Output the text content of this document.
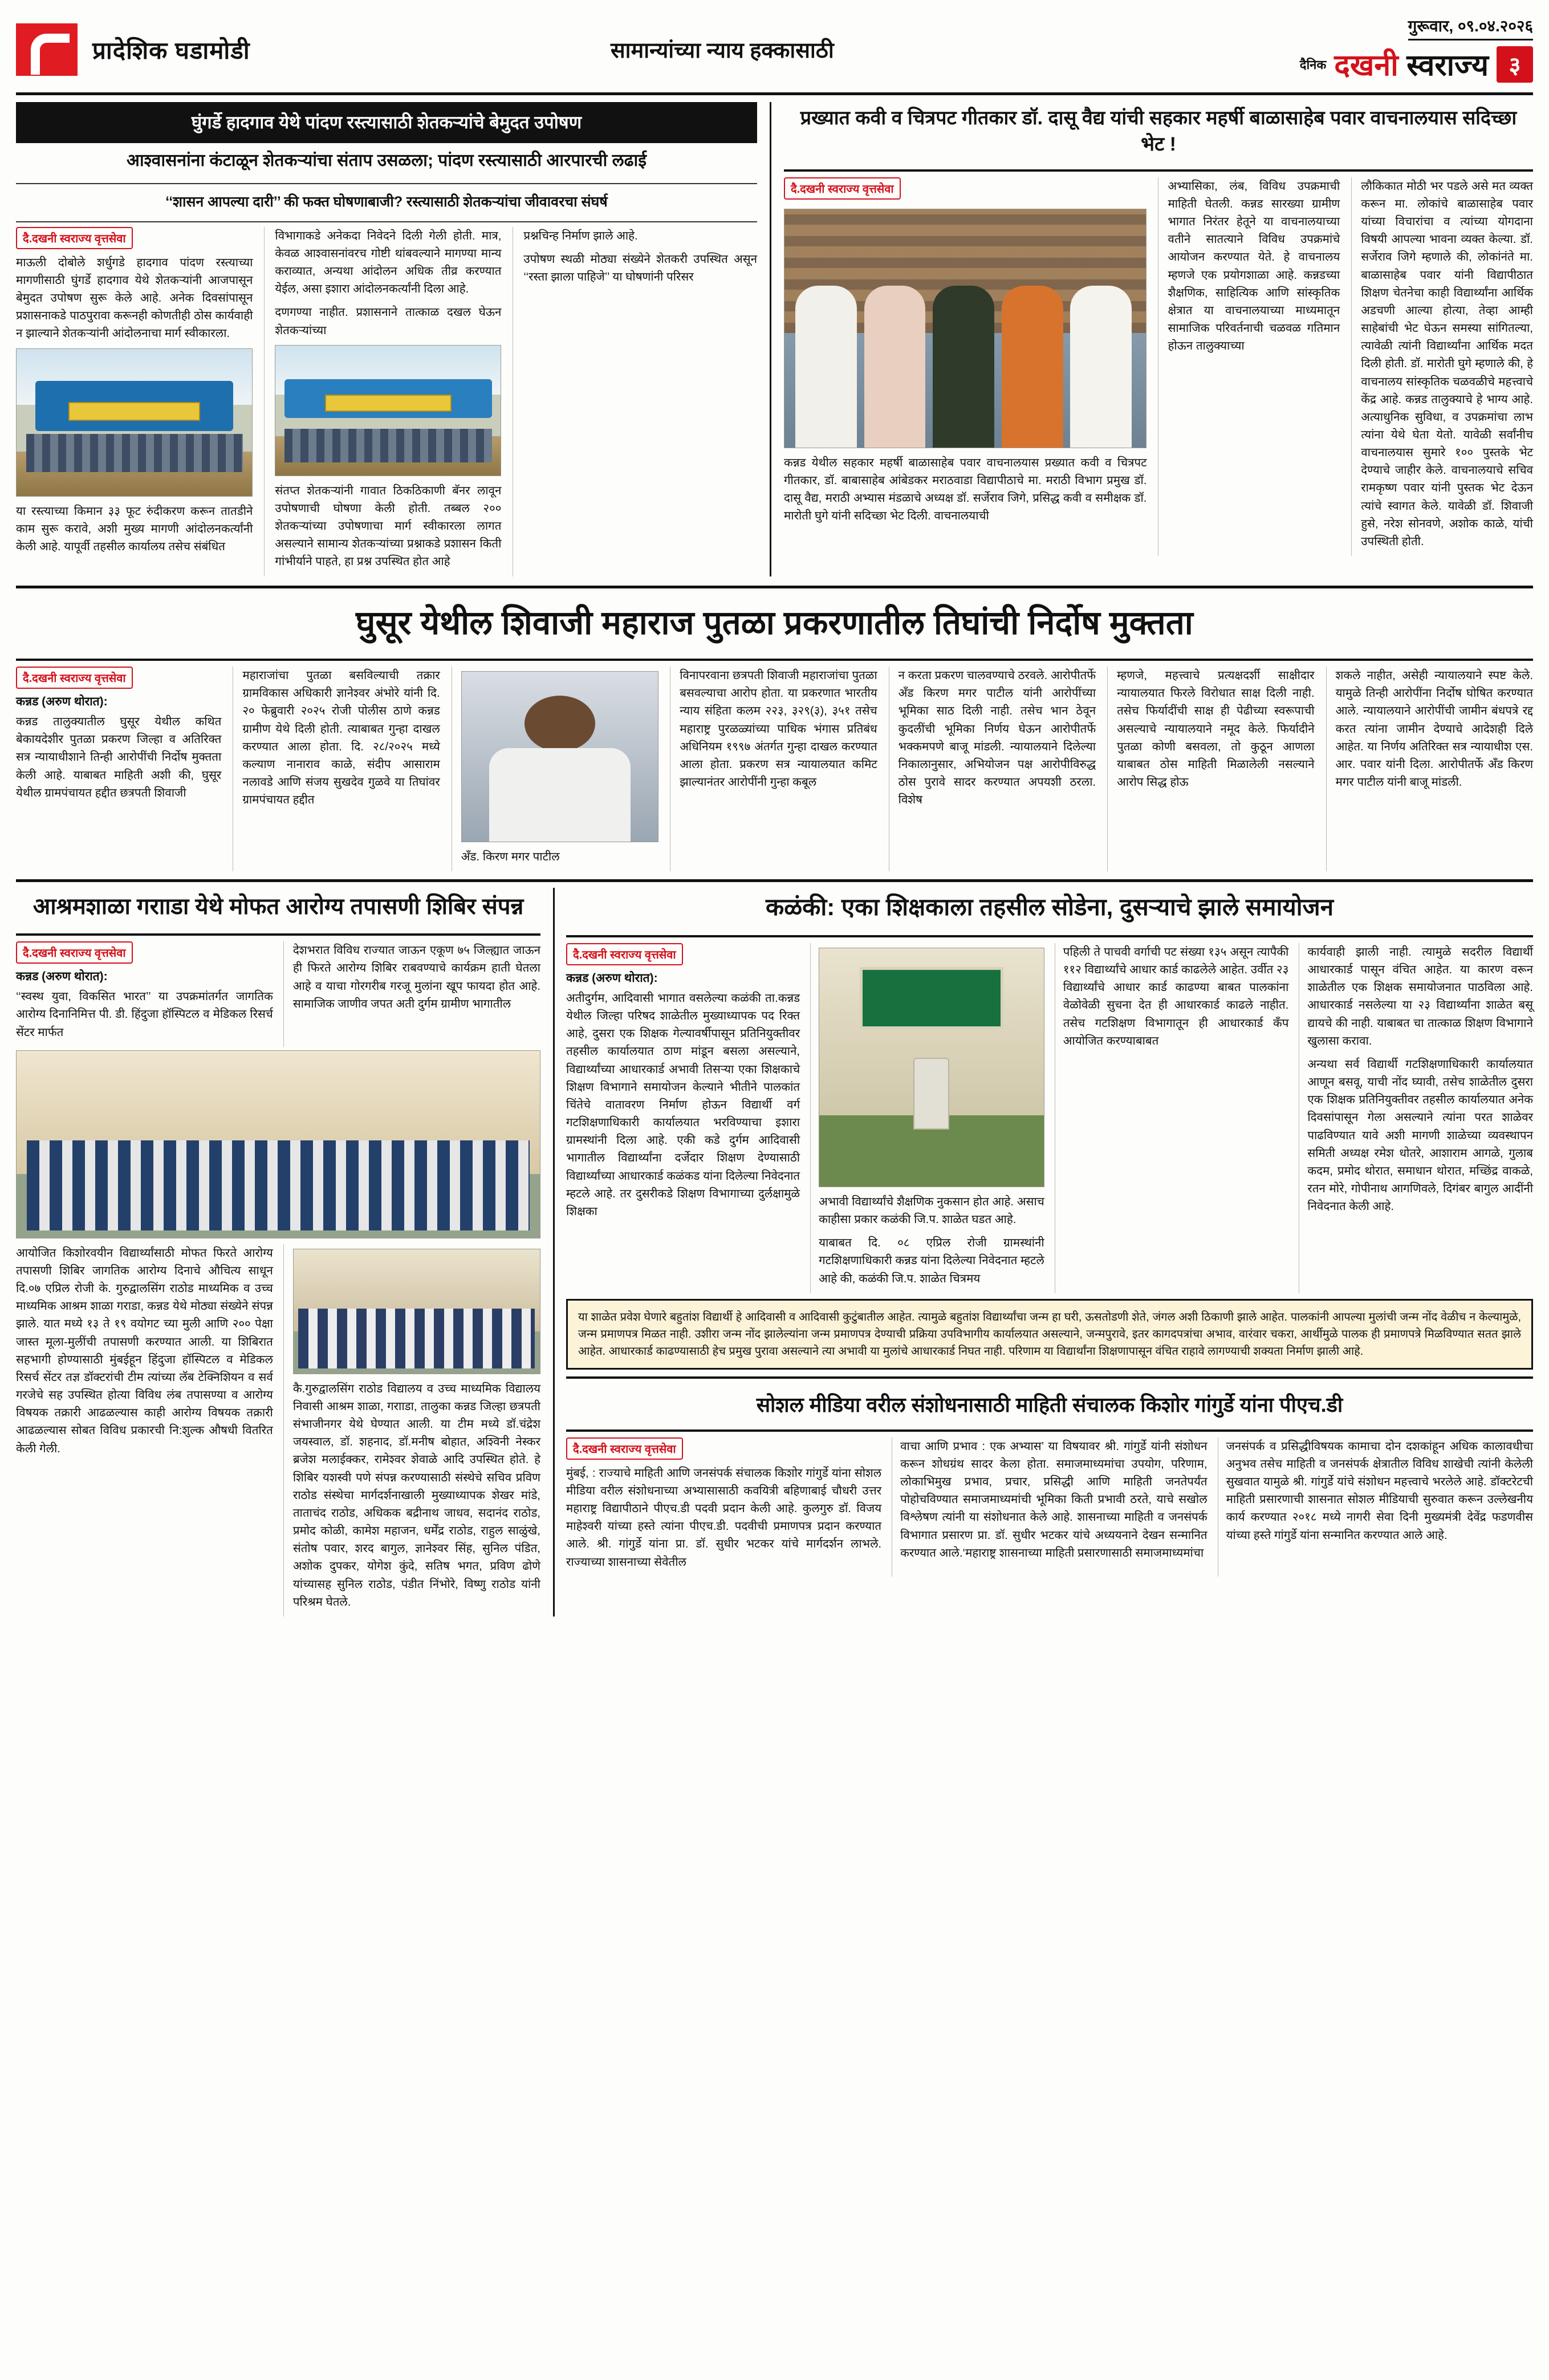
प्रादेशिक घडामोडी	सामान्यांच्या न्याय हक्कासाठी
गुरूवार, ०९.०४.२०२६
दैनिक दखनी स्वराज्य ३
घुंगर्डे हादगाव येथे पांदण रस्त्यासाठी शेतकऱ्यांचे बेमुदत उपोषण
आश्वासनांना कंटाळून शेतकऱ्यांचा संताप उसळला; पांदण रस्त्यासाठी आरपारची लढाई
‘‘शासन आपल्या दारी’’ की फक्त घोषणाबाजी? रस्त्यासाठी शेतकऱ्यांचा जीवावरचा संघर्ष
दै.दखनी स्वराज्य वृत्तसेवा

माऊली दोबोले शर्धुगडे हादगाव पांदण रस्त्याच्या मागणीसाठी घुंगर्डे हादगाव येथे शेतकऱ्यांनी आजपासून बेमुदत उपोषण सुरू केले आहे. अनेक दिवसांपासून प्रशासनाकडे पाठपुरावा करूनही कोणतीही ठोस कार्यवाही न झाल्याने शेतकऱ्यांनी आंदोलनाचा मार्ग स्वीकारला.

या रस्त्याच्या किमान ३३ फूट रुंदीकरण करून तातडीने काम सुरू करावे, अशी मुख्य मागणी आंदोलनकर्त्यांनी केली आहे. यापूर्वी तहसील कार्यालय तसेच संबंधित

विभागाकडे अनेकदा निवेदने दिली गेली होती. मात्र, केवळ आश्वासनांवरच गोष्टी थांबवल्याने मागण्या मान्य कराव्यात, अन्यथा आंदोलन अधिक तीव्र करण्यात येईल, असा इशारा आंदोलनकर्त्यांनी दिला आहे.

दणगण्या नाहीत. प्रशासनाने तात्काळ दखल घेऊन शेतकऱ्यांच्या

संतप्त शेतकऱ्यांनी गावात ठिकठिकाणी बॅनर लावून उपोषणाची घोषणा केली होती. तब्बल २०० शेतकऱ्यांच्या उपोषणाचा मार्ग स्वीकारला लागत असल्याने सामान्य शेतकऱ्यांच्या प्रश्नाकडे प्रशासन किती गांभीर्याने पाहते, हा प्रश्न उपस्थित होत आहे

प्रश्नचिन्ह निर्माण झाले आहे.

उपोषण स्थळी मोठ्या संख्येने शेतकरी उपस्थित असून ‘‘रस्ता झाला पाहिजे’’ या घोषणांनी परिसर

प्रख्यात कवी व चित्रपट गीतकार डॉ. दासू वैद्य यांची सहकार महर्षी बाळासाहेब पवार वाचनालयास सदिच्छा भेट !
दै.दखनी स्वराज्य वृत्तसेवा

कन्नड येथील सहकार महर्षी बाळासाहेब पवार वाचनालयास प्रख्यात कवी व चित्रपट गीतकार, डॉ. बाबासाहेब आंबेडकर मराठवाडा विद्यापीठाचे मा. मराठी विभाग प्रमुख डॉ. दासू वैद्य, मराठी अभ्यास मंडळाचे अध्यक्ष डॉ. सर्जेराव जिगे, प्रसिद्ध कवी व समीक्षक डॉ. मारोती घुगे यांनी सदिच्छा भेट दिली. वाचनालयाची

अभ्यासिका, लंब, विविध उपक्रमाची माहिती घेतली. कन्नड सारख्या ग्रामीण भागात निरंतर हेतूने या वाचनालयाच्या वतीने सातत्याने विविध उपक्रमांचे आयोजन करण्यात येते. हे वाचनालय म्हणजे एक प्रयोगशाळा आहे. कन्नडच्या शैक्षणिक, साहित्यिक आणि सांस्कृतिक क्षेत्रात या वाचनालयाच्या माध्यमातून सामाजिक परिवर्तनाची चळवळ गतिमान होऊन तालुक्याच्या

लौकिकात मोठी भर पडले असे मत व्यक्त करून मा. लोकांचे बाळासाहेब पवार यांच्या विचारांचा व त्यांच्या योगदाना विषयी आपल्या भावना व्यक्त केल्या. डॉ. सर्जेराव जिगे म्हणाले की, लोकांनंते मा. बाळासाहेब पवार यांनी विद्यापीठात शिक्षण चेतनेचा काही विद्यार्थ्यांना आर्थिक अडचणी आल्या होत्या, तेव्हा आम्ही साहेबांची भेट घेऊन समस्या सांगितल्या, त्यावेळी त्यांनी विद्यार्थ्यांना आर्थिक मदत दिली होती. डॉ. मारोती घुगे म्हणाले की, हे वाचनालय सांस्कृतिक चळवळीचे महत्त्वाचे केंद्र आहे. कन्नड तालुक्याचे हे भाग्य आहे. अत्याधुनिक सुविधा, व उपक्रमांचा लाभ त्यांना येथे घेता येतो. यावेळी सर्वांनीच वाचनालयास सुमारे १०० पुस्तके भेट देण्याचे जाहीर केले. वाचनालयाचे सचिव रामकृष्ण पवार यांनी पुस्तक भेट देऊन त्यांचे स्वागत केले. यावेळी डॉ. शिवाजी हुसे, नरेश सोनवणे, अशोक काळे, यांची उपस्थिती होती.

घुसूर येथील शिवाजी महाराज पुतळा प्रकरणातील तिघांची निर्दोष मुक्तता
दै.दखनी स्वराज्य वृत्तसेवा
कन्नड (अरुण थोरात):

कन्नड तालुक्यातील घुसूर येथील कथित बेकायदेशीर पुतळा प्रकरण जिल्हा व अतिरिक्त सत्र न्यायाधीशाने तिन्ही आरोपींची निर्दोष मुक्तता केली आहे. याबाबत माहिती अशी की, घुसूर येथील ग्रामपंचायत हद्दीत छत्रपती शिवाजी

महाराजांचा पुतळा बसविल्याची तक्रार ग्रामविकास अधिकारी ज्ञानेश्वर अंभोरे यांनी दि. २० फेब्रुवारी २०२५ रोजी पोलीस ठाणे कन्नड ग्रामीण येथे दिली होती. त्याबाबत गुन्हा दाखल करण्यात आला होता. दि. २८/२०२५ मध्ये कल्याण नानाराव काळे, संदीप आसाराम नलावडे आणि संजय सुखदेव गुळवे या तिघांवर ग्रामपंचायत हद्दीत

अँड. किरण मगर पाटील

विनापरवाना छत्रपती शिवाजी महाराजांचा पुतळा बसवल्याचा आरोप होता. या प्रकरणात भारतीय न्याय संहिता कलम २२३, ३२९(३), ३५१ तसेच महाराष्ट्र पुरळळ्यांच्या पाधिक भंगास प्रतिबंध अधिनियम १९९७ अंतर्गत गुन्हा दाखल करण्यात आला होता. प्रकरण सत्र न्यायालयात कमिट झाल्यानंतर आरोपींनी गुन्हा कबूल

न करता प्रकरण चालवण्याचे ठरवले. आरोपीतर्फे अँड किरण मगर पाटील यांनी आरोपींच्या भूमिका साठ दिली नाही. तसेच भान ठेवून कुदलींची भूमिका निर्णय घेऊन आरोपीतर्फे भक्कमपणे बाजू मांडली. न्यायालयाने दिलेल्या निकालानुसार, अभियोजन पक्ष आरोपीविरुद्ध ठोस पुरावे सादर करण्यात अपयशी ठरला. विशेष

म्हणजे, महत्त्वाचे प्रत्यक्षदर्शी साक्षीदार न्यायालयात फिरले विरोधात साक्ष दिली नाही. तसेच फिर्यादींची साक्ष ही पेढीच्या स्वरूपाची असल्याचे न्यायालयाने नमूद केले. फिर्यादीने पुतळा कोणी बसवला, तो कुठून आणला याबाबत ठोस माहिती मिळालेली नसल्याने आरोप सिद्ध होऊ

शकले नाहीत, असेही न्यायालयाने स्पष्ट केले. यामुळे तिन्ही आरोपींना निर्दोष घोषित करण्यात आले. न्यायालयाने आरोपींची जामीन बंधपत्रे रद्द करत त्यांना जामीन देण्याचे आदेशही दिले आहेत. या निर्णय अतिरिक्त सत्र न्यायाधीश एस. आर. पवार यांनी दिला. आरोपीतर्फे अँड किरण मगर पाटील यांनी बाजू मांडली.

आश्रमशाळा गरााडा येथे मोफत आरोग्य तपासणी शिबिर संपन्न
दै.दखनी स्वराज्य वृत्तसेवा
कन्नड (अरुण थोरात):

‘‘स्वस्थ युवा, विकसित भारत’’ या उपक्रमांतर्गत जागतिक आरोग्य दिनानिमित्त पी. डी. हिंदुजा हॉस्पिटल व मेडिकल रिसर्च सेंटर मार्फत

देशभरात विविध राज्यात जाऊन एकूण ७५ जिल्ह्यात जाऊन ही फिरते आरोग्य शिबिर राबवण्याचे कार्यक्रम हाती घेतला आहे व याचा गोरगरीब गरजू मुलांना खूप फायदा होत आहे. सामाजिक जाणीव जपत अती दुर्गम ग्रामीण भागातील

आयोजित किशोरवयीन विद्यार्थ्यांसाठी मोफत फिरते आरोग्य तपासणी शिबिर जागतिक आरोग्य दिनाचे औचित्य साधून दि.०७ एप्रिल रोजी के. गुरुद्वालसिंग राठोड माध्यमिक व उच्च माध्यमिक आश्रम शाळा गराडा, कन्नड येथे मोठ्या संख्येने संपन्न झाले. यात मध्ये १३ ते १९ वयोगट च्या मुली आणि २०० पेक्षा जास्त मूला-मुलींची तपासणी करण्यात आली. या शिबिरात सहभागी होण्यासाठी मुंबईहून हिंदुजा हॉस्पिटल व मेडिकल रिसर्च सेंटर तज्ञ डॉक्टरांची टीम त्यांच्या लॅब टेक्निशियन व सर्व गरजेचे सह उपस्थित होत्या विविध लंब तपासण्या व आरोग्य विषयक तक्रारी आढळल्यास काही आरोग्य विषयक तक्रारी आढळल्यास सोबत विविध प्रकारची नि:शुल्क औषधी वितरित केली गेली.

कै.गुरुद्वालसिंग राठोड विद्यालय व उच्च माध्यमिक विद्यालय निवासी आश्रम शाळा, गरााडा, तालुका कन्नड जिल्हा छत्रपती संभाजीनगर येथे घेण्यात आली. या टीम मध्ये डॉ.चंद्रेश जयस्वाल, डॉ. शहनाद, डॉ.मनीष बोहात, अश्विनी नेस्कर ब्रजेश मलाईक्कर, रामेश्वर शेवाळे आदि उपस्थित होते. हे शिबिर यशस्वी पणे संपन्न करण्यासाठी संस्थेचे सचिव प्रविण राठोड संस्थेचा मार्गदर्शनाखाली मुख्याध्यापक शेखर मांडे, ताताचंद राठोड, अधिकक बद्रीनाथ जाधव, सदानंद राठोड, प्रमोद कोळी, कामेश महाजन, धर्मेंद्र राठोड, राहुल साळुंखे, संतोष पवार, शरद बागुल, ज्ञानेश्वर सिंह, सुनिल पंडित, अशोक दुपकर, योगेश कुंदे, सतिष भगत, प्रविण ढोणे यांच्यासह सुनिल राठोड, पंडीत निंभोरे, विष्णु राठोड यांनी परिश्रम घेतले.

कळंकी: एका शिक्षकाला तहसील सोडेना, दुसऱ्याचे झाले समायोजन
दै.दखनी स्वराज्य वृत्तसेवा
कन्नड (अरुण थोरात):

अतीदुर्गम, आदिवासी भागात वसलेल्या कळंकी ता.कन्नड येथील जिल्हा परिषद शाळेतील मुख्याध्यापक पद रिक्त आहे, दुसरा एक शिक्षक गेल्यावर्षीपासून प्रतिनियुक्तीवर तहसील कार्यालयात ठाण मांडून बसला असल्याने, विद्यार्थ्यांच्या आधारकार्ड अभावी तिसऱ्या एका शिक्षकाचे शिक्षण विभागाने समायोजन केल्याने भीतीने पालकांत चिंतेचे वातावरण निर्माण होऊन विद्यार्थी वर्ग गटशिक्षणाधिकारी कार्यालयात भरविण्याचा इशारा ग्रामस्थांनी दिला आहे. एकी कडे दुर्गम आदिवासी भागातील विद्यार्थ्यांना दर्जेदार शिक्षण देण्यासाठी विद्यार्थ्यांच्या आधारकार्ड कळंकड यांना दिलेल्या निवेदनात म्हटले आहे. तर दुसरीकडे शिक्षण विभागाच्या दुर्लक्षामुळे शिक्षका

अभावी विद्यार्थ्यांचे शैक्षणिक नुकसान होत आहे. असाच काहीसा प्रकार कळंकी जि.प. शाळेत घडत आहे.

याबाबत दि. ०८ एप्रिल रोजी ग्रामस्थांनी गटशिक्षणाधिकारी कन्नड यांना दिलेल्या निवेदनात म्हटले आहे की, कळंकी जि.प. शाळेत चित्रमय

पहिली ते पाचवी वर्गाची पट संख्या १३५ असून त्यापैकी ११२ विद्यार्थ्यांचे आधार कार्ड काढलेले आहेत. उर्वीत २३ विद्यार्थ्यांचे आधार कार्ड काढण्या बाबत पालकांना वेळोवेळी सुचना देत ही आधारकार्ड काढले नाहीत. तसेच गटशिक्षण विभागातून ही आधारकार्ड कॅंप आयोजित करण्याबाबत

कार्यवाही झाली नाही. त्यामुळे सदरील विद्यार्थी आधारकार्ड पासून वंचित आहेत. या कारण वरून शाळेतील एक शिक्षक समायोजनात पाठविला आहे. आधारकार्ड नसलेल्या या २३ विद्यार्थ्यांना शाळेत बसू द्यायचे की नाही. याबाबत चा तात्काळ शिक्षण विभागाने खुलासा करावा.

अन्यथा सर्व विद्यार्थी गटशिक्षणाधिकारी कार्यालयात आणून बसवू, याची नोंद घ्यावी, तसेच शाळेतील दुसरा एक शिक्षक प्रतिनियुक्तीवर तहसील कार्यालयात अनेक दिवसांपासून गेला असल्याने त्यांना परत शाळेवर पाढविण्यात यावे अशी मागणी शाळेच्या व्यवस्थापन समिती अध्यक्ष रमेश धोतरे, आशाराम आगळे, गुलाब कदम, प्रमोद थोरात, समाधान थोरात, मच्छिंद्र वाकळे, रतन मोरे, गोपीनाथ आगणिवले, दिगंबर बागुल आदींनी निवेदनात केली आहे.

या शाळेत प्रवेश घेणारे बहुतांश विद्यार्थी हे आदिवासी व आदिवासी कुटुंबातील आहेत. त्यामुळे बहुतांश विद्यार्थ्यांचा जन्म हा घरी, ऊसतोडणी शेते, जंगल अशी ठिकाणी झाले आहेत. पालकांनी आपल्या मुलांची जन्म नोंद वेळीच न केल्यामुळे, जन्म प्रमाणपत्र मिळत नाही. उशीरा जन्म नोंद झालेल्यांना जन्म प्रमाणपत्र देण्याची प्रक्रिया उपविभागीय कार्यालयात असल्याने, जन्मपुरावे, इतर कागदपत्रांचा अभाव, वारंवार चकरा, आर्थीमुळे पालक ही प्रमाणपत्रे मिळविण्यात सतत झाले आहेत. आधारकार्ड काढण्यासाठी हेच प्रमुख पुरावा असल्याने त्या अभावी या मुलांचे आधारकार्ड निघत नाही. परिणाम या विद्यार्थांना शिक्षणापासून वंचित राहावे लागण्याची शक्यता निर्माण झाली आहे.
सोशल मीडिया वरील संशोधनासाठी माहिती संचालक किशोर गांगुर्डे यांना पीएच.डी
दै.दखनी स्वराज्य वृत्तसेवा

मुंबई, : राज्याचे माहिती आणि जनसंपर्क संचालक किशोर गांगुर्डे यांना सोशल मीडिया वरील संशोधनाच्या अभ्यासासाठी कवयित्री बहिणाबाई चौधरी उत्तर महाराष्ट्र विद्यापीठाने पीएच.डी पदवी प्रदान केली आहे. कुलगुरु डॉ. विजय माहेश्वरी यांच्या हस्ते त्यांना पीएच.डी. पदवीची प्रमाणपत्र प्रदान करण्यात आले. श्री. गांगुर्डे यांना प्रा. डॉ. सुधीर भटकर यांचे मार्गदर्शन लाभले. राज्याच्या शासनाच्या सेवेतील

वाचा आणि प्रभाव : एक अभ्यास’ या विषयावर श्री. गांगुर्डे यांनी संशोधन करून शोधग्रंथ सादर केला होता. समाजमाध्यमांचा उपयोग, परिणाम, लोकाभिमुख प्रभाव, प्रचार, प्रसिद्धी आणि माहिती जनतेपर्यंत पोहोचविण्यात समाजमाध्यमांची भूमिका किती प्रभावी ठरते, याचे सखोल विश्लेषण त्यांनी या संशोधनात केले आहे. शासनाच्या माहिती व जनसंपर्क विभागात प्रसारण प्रा. डॉ. सुधीर भटकर यांचे अध्ययनाने देखन सन्मानित करण्यात आले.‘महाराष्ट्र शासनाच्या माहिती प्रसारणासाठी समाजमाध्यमांचा

जनसंपर्क व प्रसिद्धीविषयक कामाचा दोन दशकांहून अधिक कालावधीचा अनुभव तसेच माहिती व जनसंपर्क क्षेत्रातील विविध शाखेची त्यांनी केलेली सुखवात यामुळे श्री. गांगुर्डे यांचे संशोधन महत्त्वाचे भरलेले आहे. डॉक्टरेटची माहिती प्रसारणाची शासनात सोशल मीडियाची सुरुवात करून उल्लेखनीय कार्य करण्यात २०१८ मध्ये नागरी सेवा दिनी मुख्यमंत्री देवेंद्र फडणवीस यांच्या हस्ते गांगुर्डे यांना सन्मानित करण्यात आले आहे.
